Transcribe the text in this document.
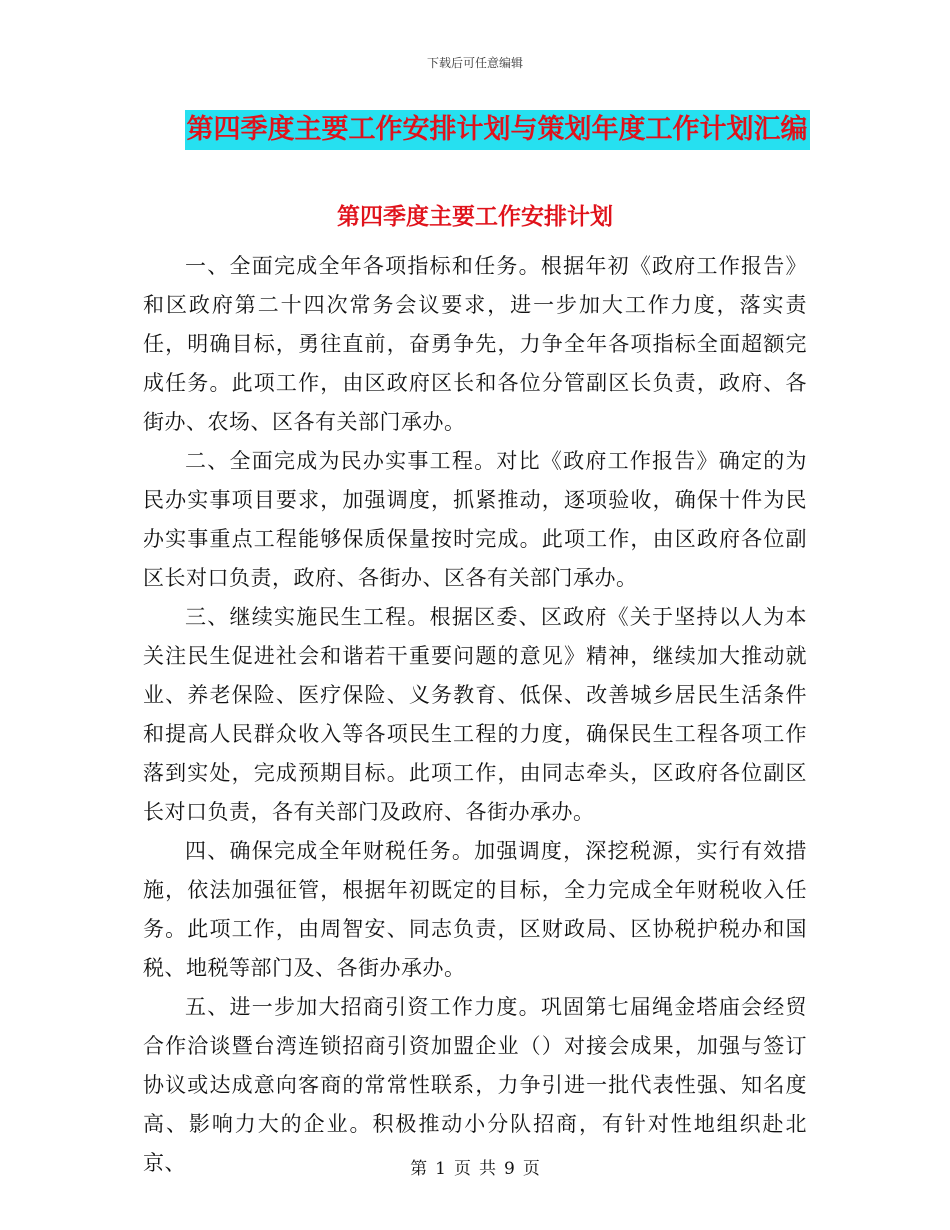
下载后可任意编辑
第四季度主要工作安排计划与策划年度工作计划汇编
第四季度主要工作安排计划

一、全面完成全年各项指标和任务。根据年初《政府工作报告》和区政府第二十四次常务会议要求，进一步加大工作力度，落实责任，明确目标，勇往直前，奋勇争先，力争全年各项指标全面超额完成任务。此项工作，由区政府区长和各位分管副区长负责，政府、各街办、农场、区各有关部门承办。

二、全面完成为民办实事工程。对比《政府工作报告》确定的为民办实事项目要求，加强调度，抓紧推动，逐项验收，确保十件为民办实事重点工程能够保质保量按时完成。此项工作，由区政府各位副区长对口负责，政府、各街办、区各有关部门承办。

三、继续实施民生工程。根据区委、区政府《关于坚持以人为本关注民生促进社会和谐若干重要问题的意见》精神，继续加大推动就业、养老保险、医疗保险、义务教育、低保、改善城乡居民生活条件和提高人民群众收入等各项民生工程的力度，确保民生工程各项工作落到实处，完成预期目标。此项工作，由同志牵头，区政府各位副区长对口负责，各有关部门及政府、各街办承办。

四、确保完成全年财税任务。加强调度，深挖税源，实行有效措施，依法加强征管，根据年初既定的目标，全力完成全年财税收入任务。此项工作，由周智安、同志负责，区财政局、区协税护税办和国税、地税等部门及、各街办承办。

五、进一步加大招商引资工作力度。巩固第七届绳金塔庙会经贸合作洽谈暨台湾连锁招商引资加盟企业（）对接会成果，加强与签订协议或达成意向客商的常常性联系，力争引进一批代表性强、知名度高、影响力大的企业。积极推动小分队招商，有针对性地组织赴北京、	第 1 页 共 9 页
